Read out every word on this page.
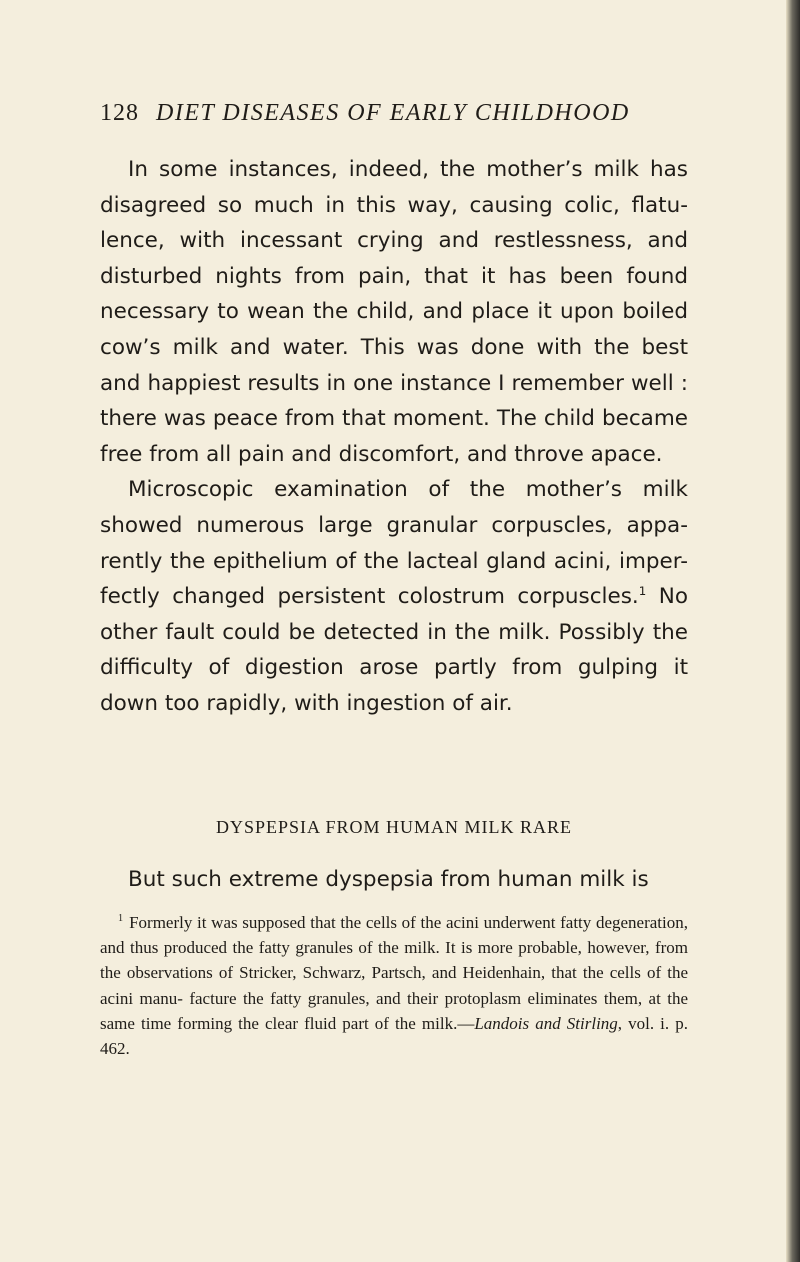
128 DIET DISEASES OF EARLY CHILDHOOD

In some instances, indeed, the mother’s milk has disagreed so much in this way, causing colic, flatu- lence, with incessant crying and restlessness, and disturbed nights from pain, that it has been found necessary to wean the child, and place it upon boiled cow’s milk and water. This was done with the best and happiest results in one instance I remember well : there was peace from that moment. The child became free from all pain and discomfort, and throve apace.

Microscopic examination of the mother’s milk showed numerous large granular corpuscles, appa- rently the epithelium of the lacteal gland acini, imper- fectly changed persistent colostrum corpuscles.$^1$ No other fault could be detected in the milk. Possibly the difficulty of digestion arose partly from gulping it down too rapidly, with ingestion of air.

DYSPEPSIA FROM HUMAN MILK RARE
But such extreme dyspepsia from human milk is

$^1$ Formerly it was supposed that the cells of the acini underwent fatty degeneration, and thus produced the fatty granules of the milk. It is more probable, however, from the observations of Stricker, Schwarz, Partsch, and Heidenhain, that the cells of the acini manu- facture the fatty granules, and their protoplasm eliminates them, at the same time forming the clear fluid part of the milk.—Landois and Stirling, vol. i. p. 462.
